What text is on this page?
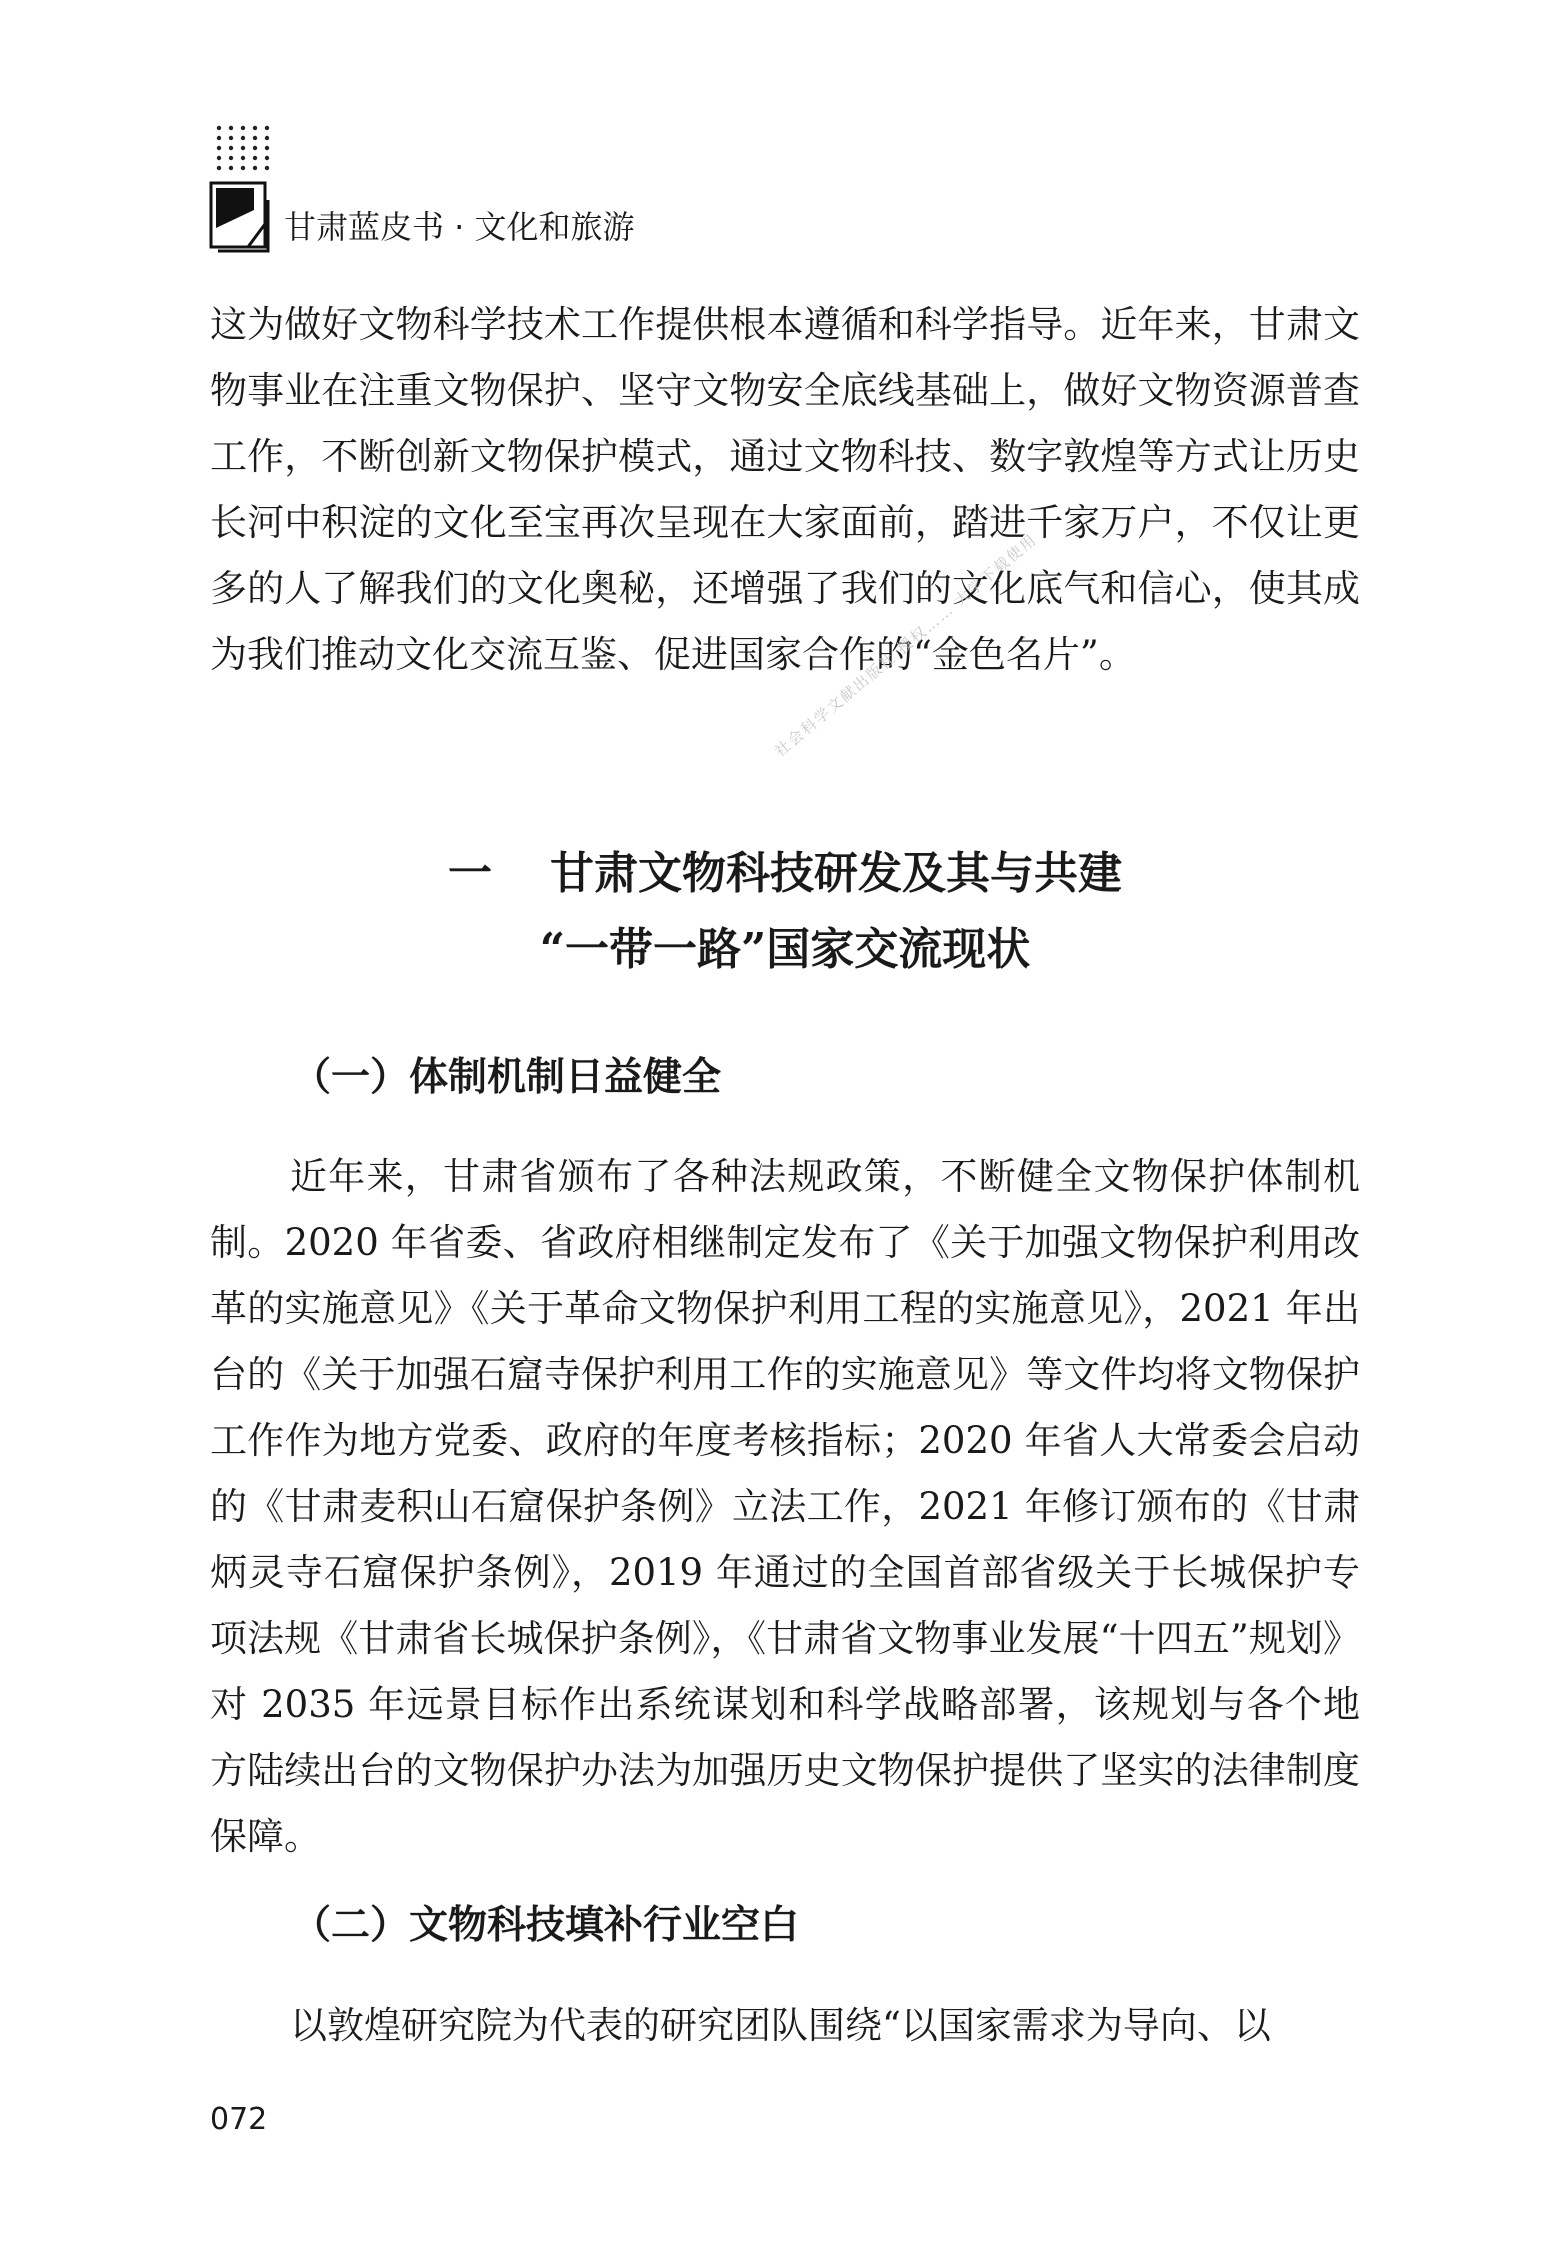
甘肃蓝皮书 · 文化和旅游

这为做好文物科学技术工作提供根本遵循和科学指导。近年来，甘肃文物事业在注重文物保护、坚守文物安全底线基础上，做好文物资源普查工作，不断创新文物保护模式，通过文物科技、数字敦煌等方式让历史长河中积淀的文化至宝再次呈现在大家面前，踏进千家万户，不仅让更多的人了解我们的文化奥秘，还增强了我们的文化底气和信心，使其成为我们推动文化交流互鉴、促进国家合作的“金色名片”。

社会科学文献出版社 授权…… 大学下载使用
一 甘肃文物科技研发及其与共建
“一带一路”国家交流现状
（一）体制机制日益健全

近年来，甘肃省颁布了各种法规政策，不断健全文物保护体制机制。2020 年省委、省政府相继制定发布了《关于加强文物保护利用改革的实施意见》《关于革命文物保护利用工程的实施意见》，2021 年出台的《关于加强石窟寺保护利用工作的实施意见》等文件均将文物保护工作作为地方党委、政府的年度考核指标；2020 年省人大常委会启动的《甘肃麦积山石窟保护条例》立法工作，2021 年修订颁布的《甘肃炳灵寺石窟保护条例》，2019 年通过的全国首部省级关于长城保护专项法规《甘肃省长城保护条例》，《甘肃省文物事业发展“十四五”规划》对 2035 年远景目标作出系统谋划和科学战略部署，该规划与各个地方陆续出台的文物保护办法为加强历史文物保护提供了坚实的法律制度保障。

（二）文物科技填补行业空白

以敦煌研究院为代表的研究团队围绕“以国家需求为导向、以

072
